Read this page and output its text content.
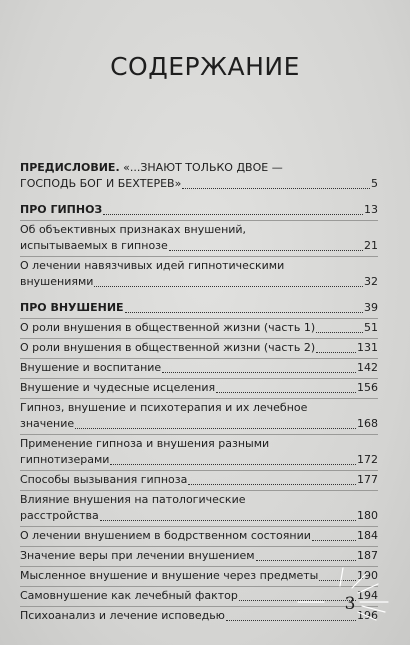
СОДЕРЖАНИЕ
ПРЕДИСЛОВИЕ. «...ЗНАЮТ ТОЛЬКО ДВОЕ —
ГОСПОДЬ БОГ И БЕХТЕРЕВ»	5
ПРО ГИПНОЗ	13
Об объективных признаках внушений,
испытываемых в гипнозе	21
О лечении навязчивых идей гипнотическими
внушениями	32
ПРО ВНУШЕНИЕ	39
О роли внушения в общественной жизни (часть 1)	51
О роли внушения в общественной жизни (часть 2)	131
Внушение и воспитание	142
Внушение и чудесные исцеления	156
Гипноз, внушение и психотерапия и их лечебное
значение	168
Применение гипноза и внушения разными
гипнотизерами	172
Способы вызывания гипноза	177
Влияние внушения на патологические
расстройства	180
О лечении внушением в бодрственном состоянии	184
Значение веры при лечении внушением	187
Мысленное внушение и внушение через предметы	190
Самовнушение как лечебный фактор	194
Психоанализ и лечение исповедью	196
3
